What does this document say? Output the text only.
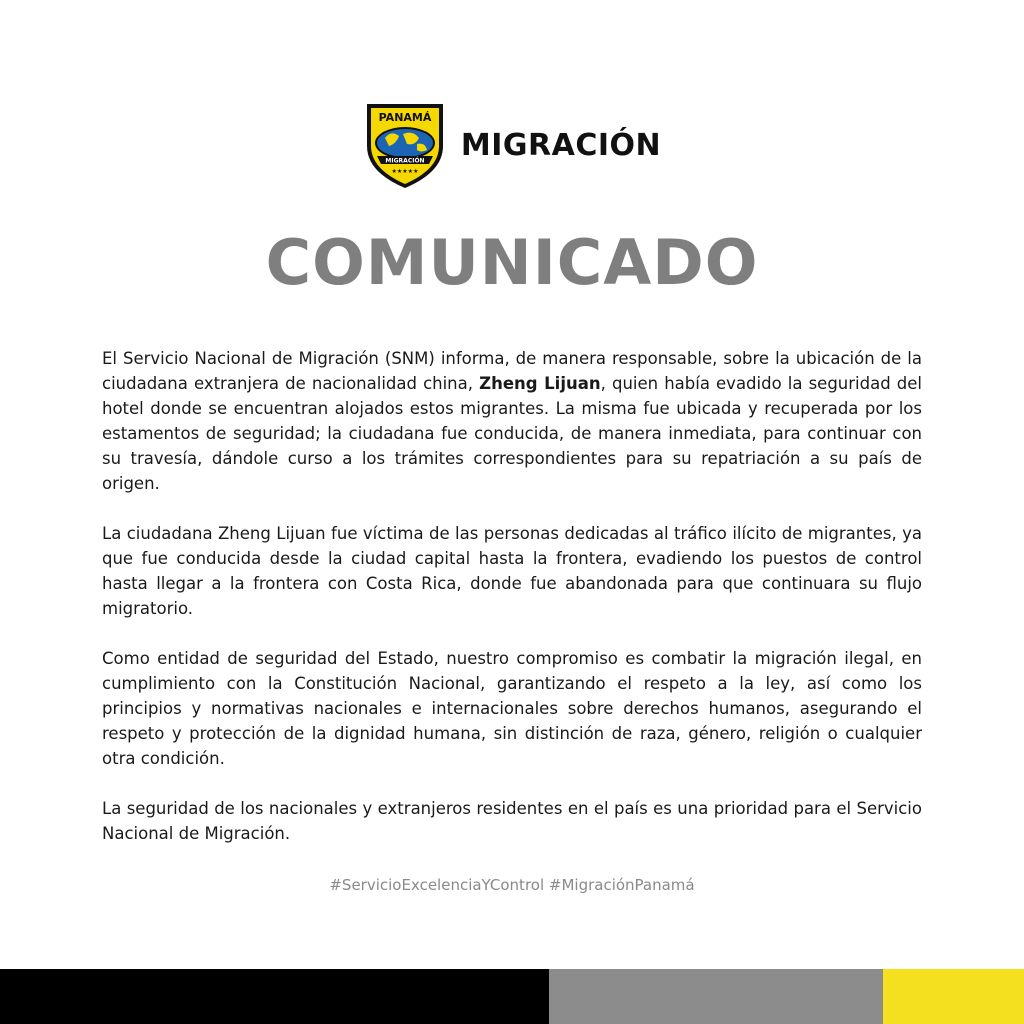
PANAMÁ
MIGRACIÓN
★★★★★
MIGRACIÓN
COMUNICADO

El Servicio Nacional de Migración (SNM) informa, de manera responsable, sobre la ubicación de la ciudadana extranjera de nacionalidad china, Zheng Lijuan, quien había evadido la seguridad del hotel donde se encuentran alojados estos migrantes. La misma fue ubicada y recuperada por los estamentos de seguridad; la ciudadana fue conducida, de manera inmediata, para continuar con su travesía, dándole curso a los trámites correspondientes para su repatriación a su país de origen.

La ciudadana Zheng Lijuan fue víctima de las personas dedicadas al tráfico ilícito de migrantes, ya que fue conducida desde la ciudad capital hasta la frontera, evadiendo los puestos de control hasta llegar a la frontera con Costa Rica, donde fue abandonada para que continuara su flujo migratorio.

Como entidad de seguridad del Estado, nuestro compromiso es combatir la migración ilegal, en cumplimiento con la Constitución Nacional, garantizando el respeto a la ley, así como los principios y normativas nacionales e internacionales sobre derechos humanos, asegurando el respeto y protección de la dignidad humana, sin distinción de raza, género, religión o cualquier otra condición.

La seguridad de los nacionales y extranjeros residentes en el país es una prioridad para el Servicio Nacional de Migración.

#ServicioExcelenciaYControl #MigraciónPanamá
